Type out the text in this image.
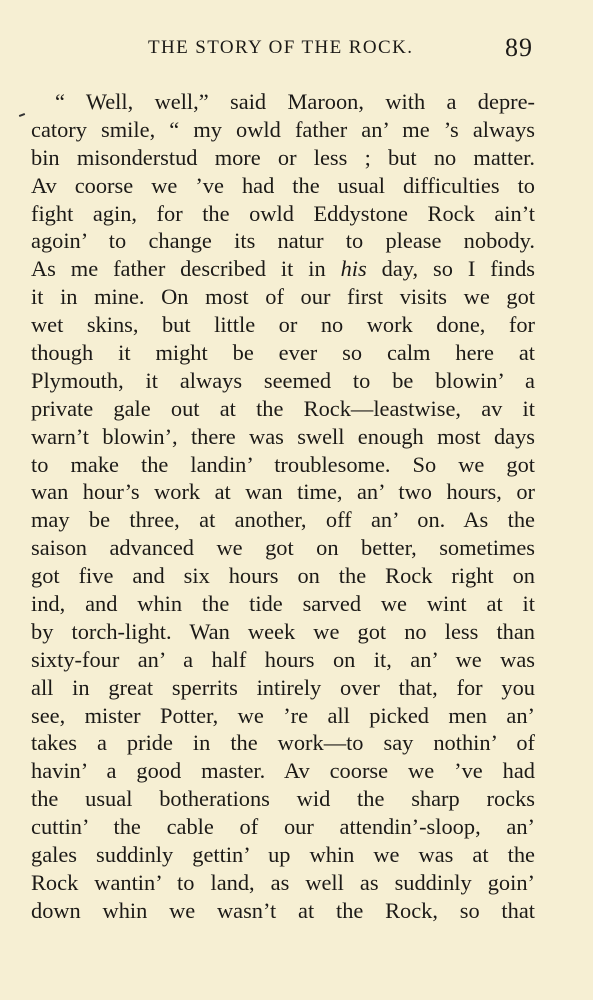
THE STORY OF THE ROCK.	89
“ Well, well,” said Maroon, with a depre-
catory smile, “ my owld father an’ me ’s always
bin misonderstud more or less ; but no matter.
Av coorse we ’ve had the usual difficulties to
fight agin, for the owld Eddystone Rock ain’t
agoin’ to change its natur to please nobody.
As me father described it in his day, so I finds
it in mine. On most of our first visits we got
wet skins, but little or no work done, for
though it might be ever so calm here at
Plymouth, it always seemed to be blowin’ a
private gale out at the Rock—leastwise, av it
warn’t blowin’, there was swell enough most days
to make the landin’ troublesome. So we got
wan hour’s work at wan time, an’ two hours, or
may be three, at another, off an’ on. As the
saison advanced we got on better, sometimes
got five and six hours on the Rock right on
ind, and whin the tide sarved we wint at it
by torch-light. Wan week we got no less than
sixty-four an’ a half hours on it, an’ we was
all in great sperrits intirely over that, for you
see, mister Potter, we ’re all picked men an’
takes a pride in the work—to say nothin’ of
havin’ a good master. Av coorse we ’ve had
the usual botherations wid the sharp rocks
cuttin’ the cable of our attendin’-sloop, an’
gales suddinly gettin’ up whin we was at the
Rock wantin’ to land, as well as suddinly goin’
down whin we wasn’t at the Rock, so that
